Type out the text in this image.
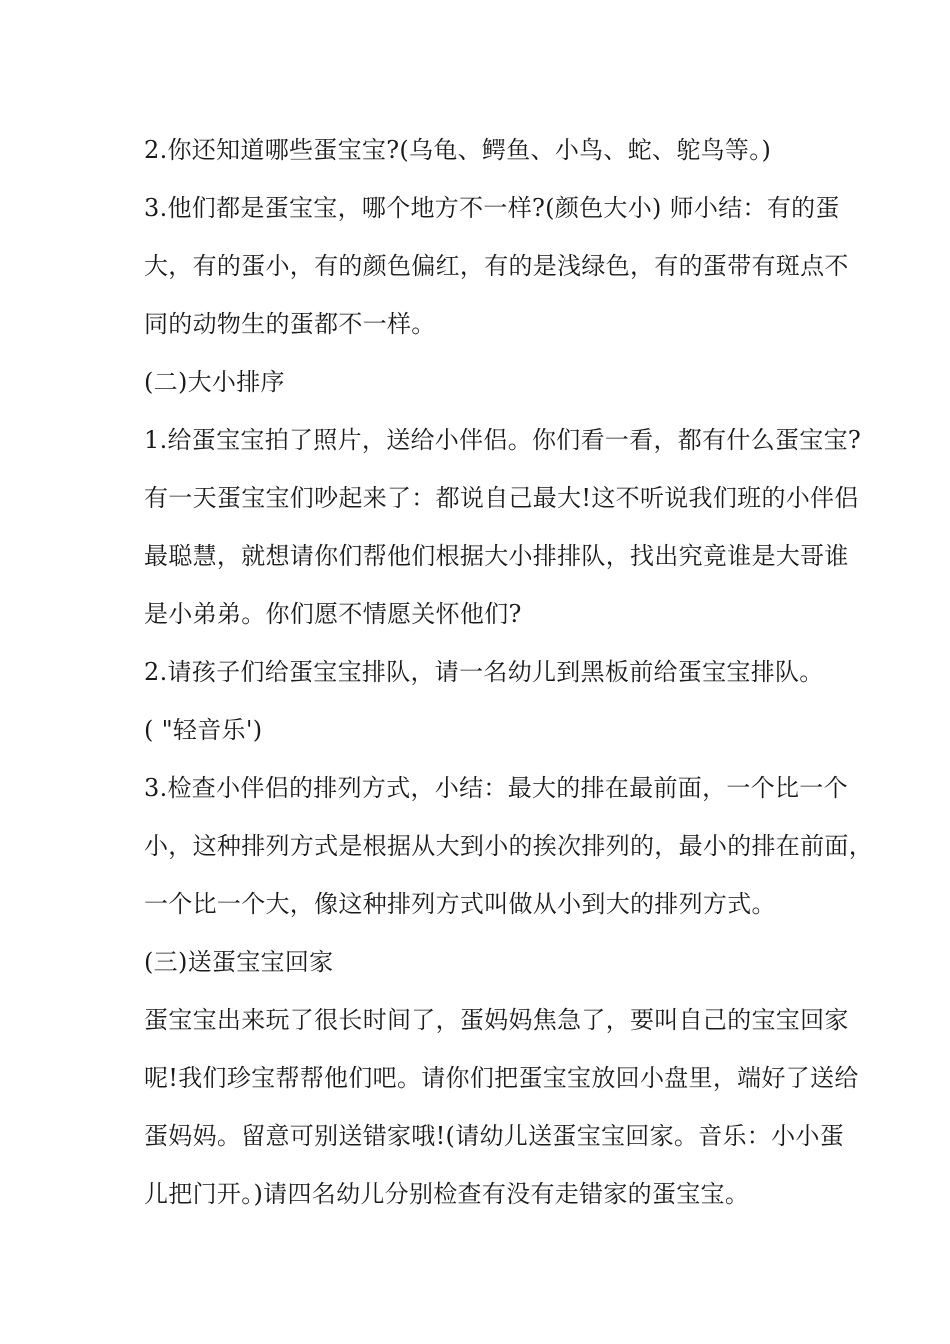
2.你还知道哪些蛋宝宝?(乌龟、鳄鱼、小鸟、蛇、鸵鸟等。)
3.他们都是蛋宝宝，哪个地方不一样?(颜色大小) 师小结：有的蛋
大，有的蛋小，有的颜色偏红，有的是浅绿色，有的蛋带有斑点不
同的动物生的蛋都不一样。
(二)大小排序
1.给蛋宝宝拍了照片，送给小伴侣。你们看一看，都有什么蛋宝宝?
有一天蛋宝宝们吵起来了：都说自己最大!这不听说我们班的小伴侣
最聪慧，就想请你们帮他们根据大小排排队，找出究竟谁是大哥谁
是小弟弟。你们愿不情愿关怀他们?
2.请孩子们给蛋宝宝排队，请一名幼儿到黑板前给蛋宝宝排队。
( "轻音乐')
3.检查小伴侣的排列方式，小结：最大的排在最前面，一个比一个
小，这种排列方式是根据从大到小的挨次排列的，最小的排在前面，
一个比一个大，像这种排列方式叫做从小到大的排列方式。
(三)送蛋宝宝回家
蛋宝宝出来玩了很长时间了，蛋妈妈焦急了，要叫自己的宝宝回家
呢!我们珍宝帮帮他们吧。请你们把蛋宝宝放回小盘里，端好了送给
蛋妈妈。留意可别送错家哦!(请幼儿送蛋宝宝回家。音乐：小小蛋
儿把门开。)请四名幼儿分别检查有没有走错家的蛋宝宝。
